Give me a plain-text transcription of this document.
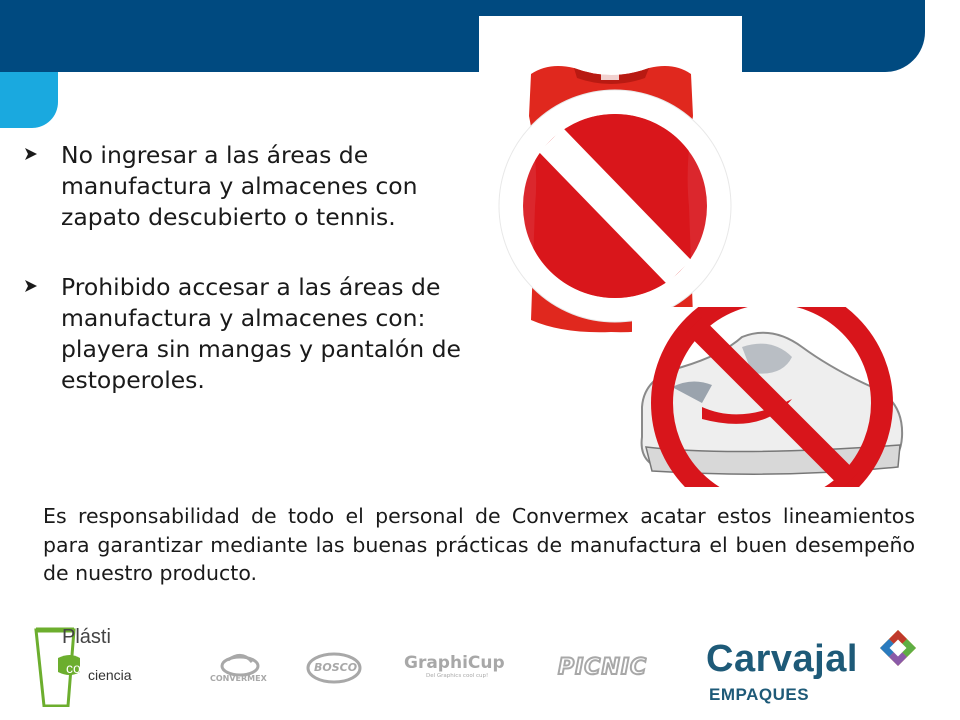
No ingresar a las áreas de manufactura y almacenes con zapato descubierto o tennis.
Prohibido accesar a las áreas de manufactura y almacenes con: playera sin mangas y pantalón de estoperoles.

Es responsabilidad de todo el personal de Convermex acatar estos lineamientos para garantizar mediante las buenas prácticas de manufactura el buen desempeño de nuestro producto.

Plásti
con ciencia	CONVERMEX
BOSCO	GraphiCup
Del Graphics cool cup!	PICNIC Carvajal
EMPAQUES
